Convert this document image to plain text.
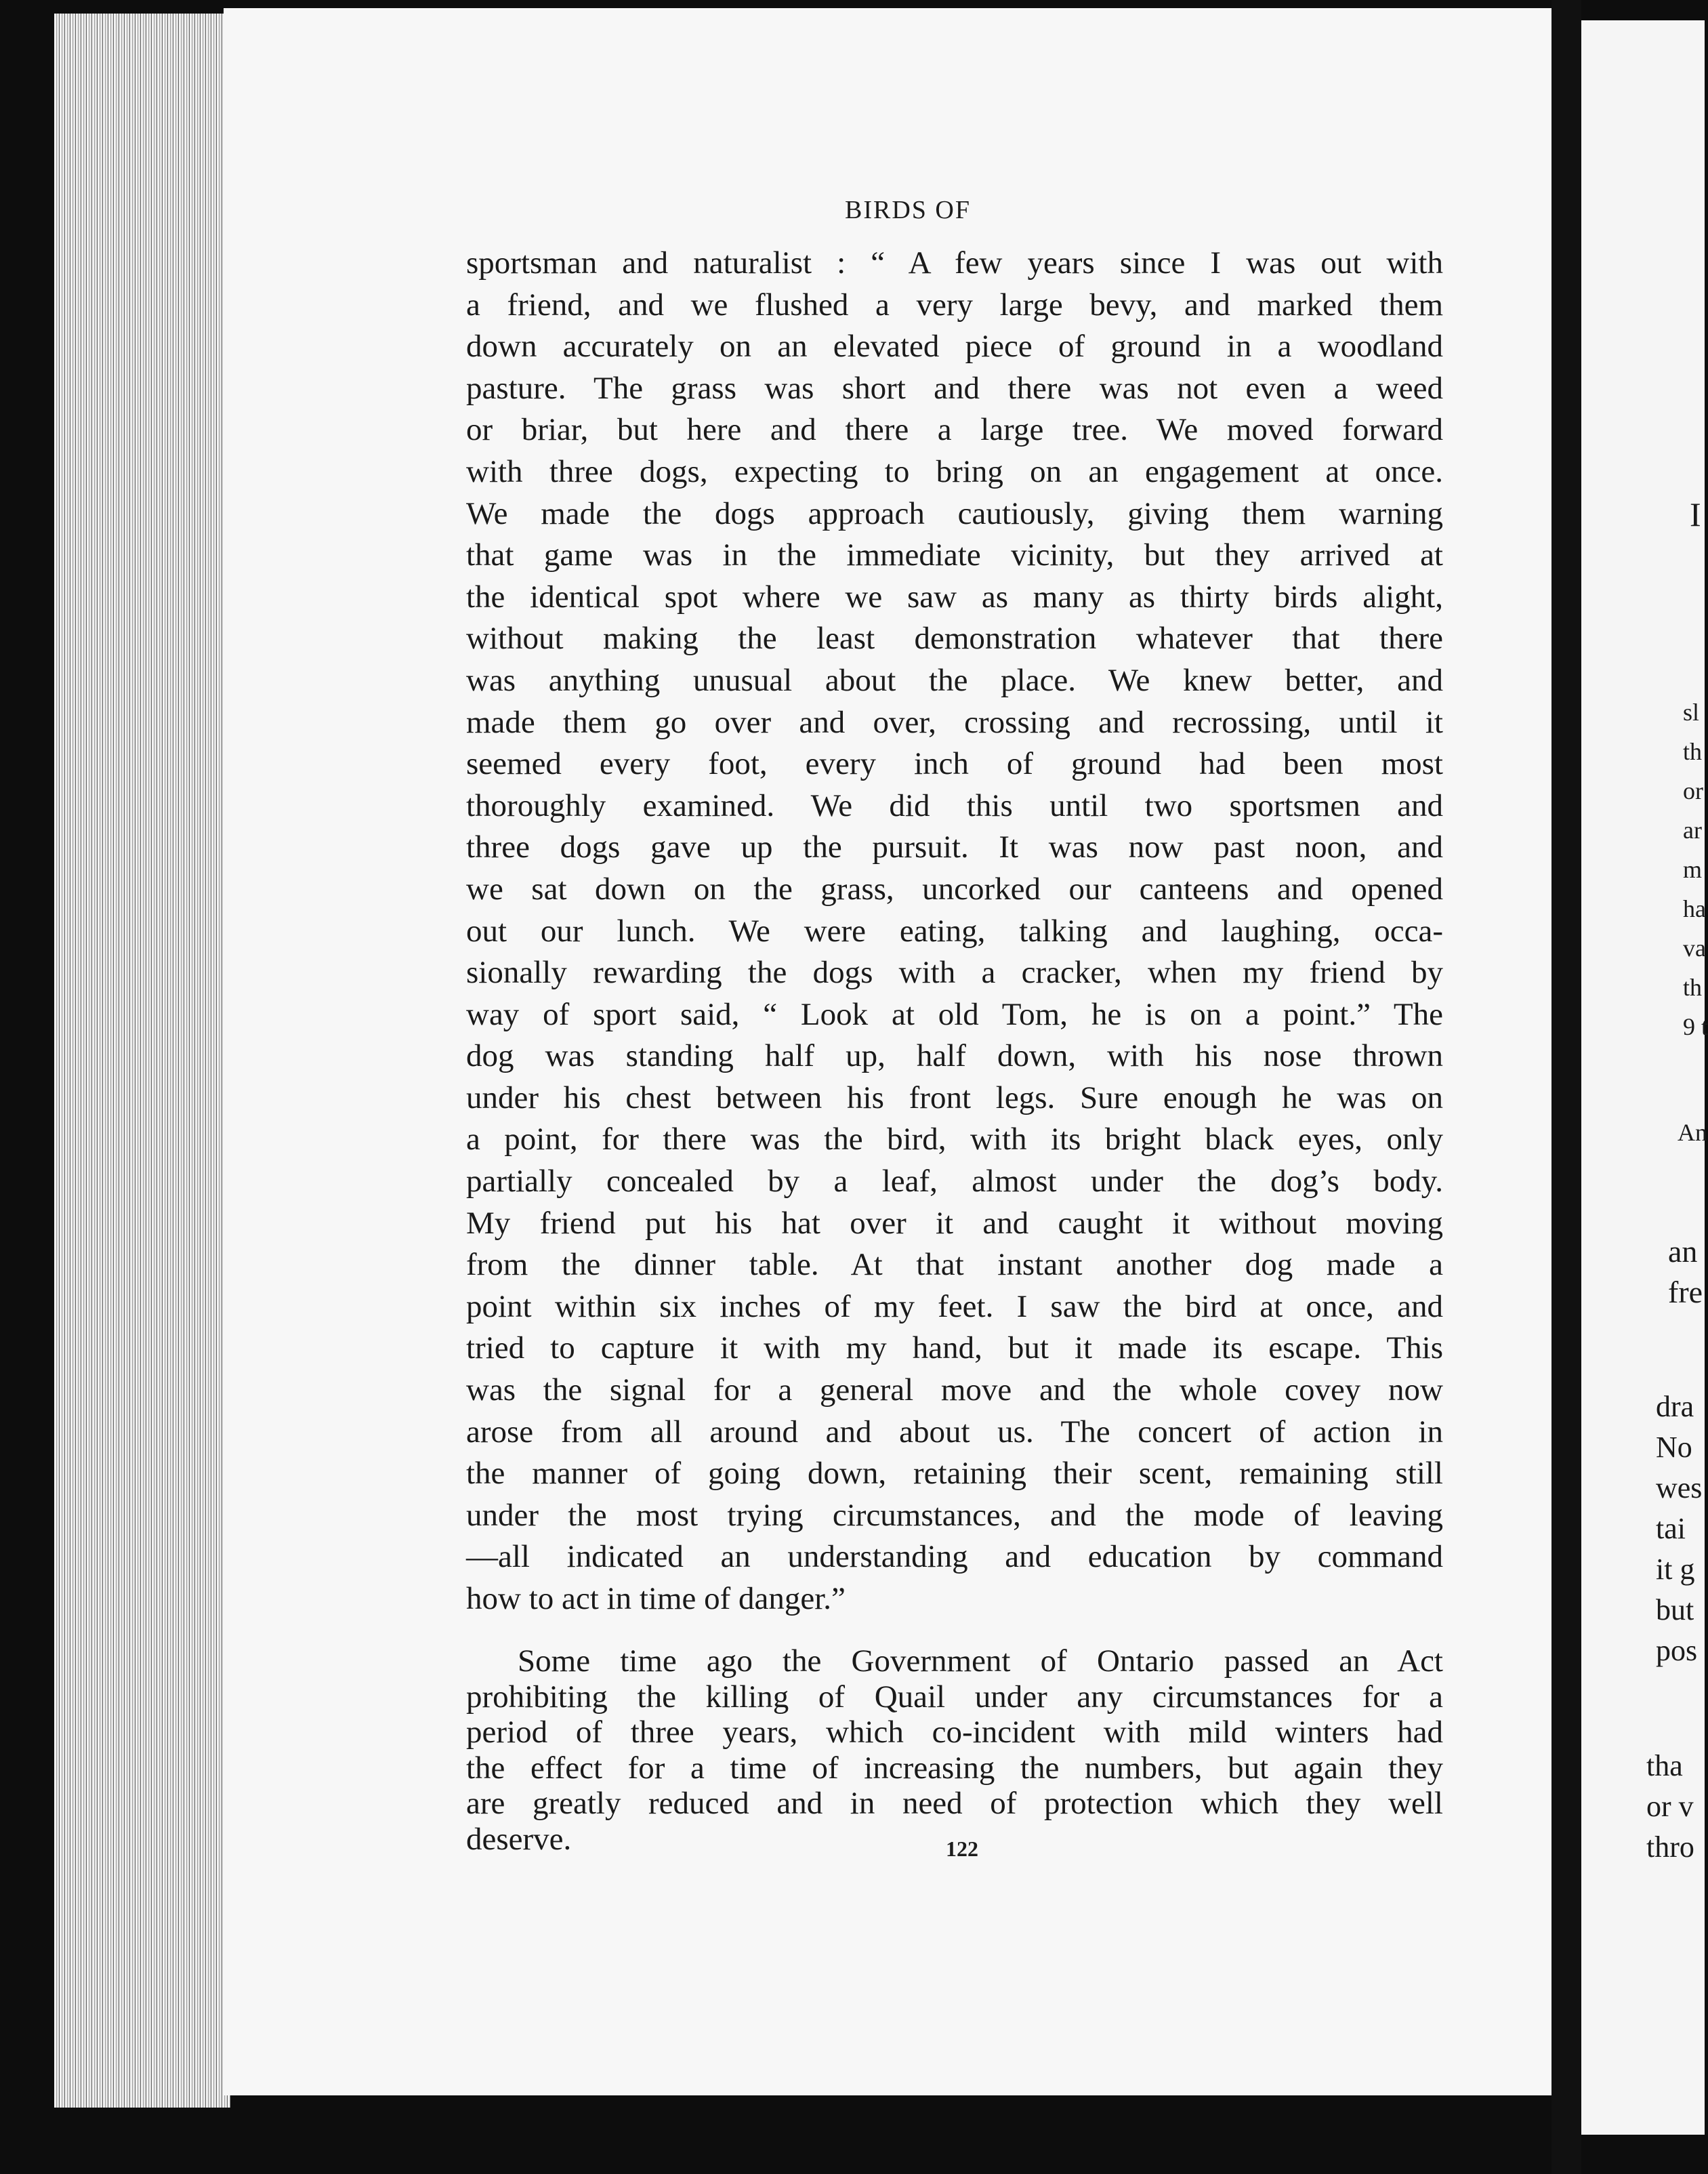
BIRDS OF
sportsman and naturalist : “ A few years since I was out with
a friend, and we flushed a very large bevy, and marked them
down accurately on an elevated piece of ground in a woodland
pasture. The grass was short and there was not even a weed
or briar, but here and there a large tree. We moved forward
with three dogs, expecting to bring on an engagement at once.
We made the dogs approach cautiously, giving them warning
that game was in the immediate vicinity, but they arrived at
the identical spot where we saw as many as thirty birds alight,
without making the least demonstration whatever that there
was anything unusual about the place. We knew better, and
made them go over and over, crossing and recrossing, until it
seemed every foot, every inch of ground had been most
thoroughly examined. We did this until two sportsmen and
three dogs gave up the pursuit. It was now past noon, and
we sat down on the grass, uncorked our canteens and opened
out our lunch. We were eating, talking and laughing, occa-
sionally rewarding the dogs with a cracker, when my friend by
way of sport said, “ Look at old Tom, he is on a point.” The
dog was standing half up, half down, with his nose thrown
under his chest between his front legs. Sure enough he was on
a point, for there was the bird, with its bright black eyes, only
partially concealed by a leaf, almost under the dog’s body.
My friend put his hat over it and caught it without moving
from the dinner table. At that instant another dog made a
point within six inches of my feet. I saw the bird at once, and
tried to capture it with my hand, but it made its escape. This
was the signal for a general move and the whole covey now
arose from all around and about us. The concert of action in
the manner of going down, retaining their scent, remaining still
under the most trying circumstances, and the mode of leaving
—all indicated an understanding and education by command
how to act in time of danger.”
Some time ago the Government of Ontario passed an Act
prohibiting the killing of Quail under any circumstances for a
period of three years, which co-incident with mild winters had
the effect for a time of increasing the numbers, but again they
are greatly reduced and in need of protection which they well
deserve.	122
I
sl
th
or
ar
m
ha
va
th
9 t
An
an
fre
dra
No
wes
tai
it g
but
pos
tha
or v
thro
